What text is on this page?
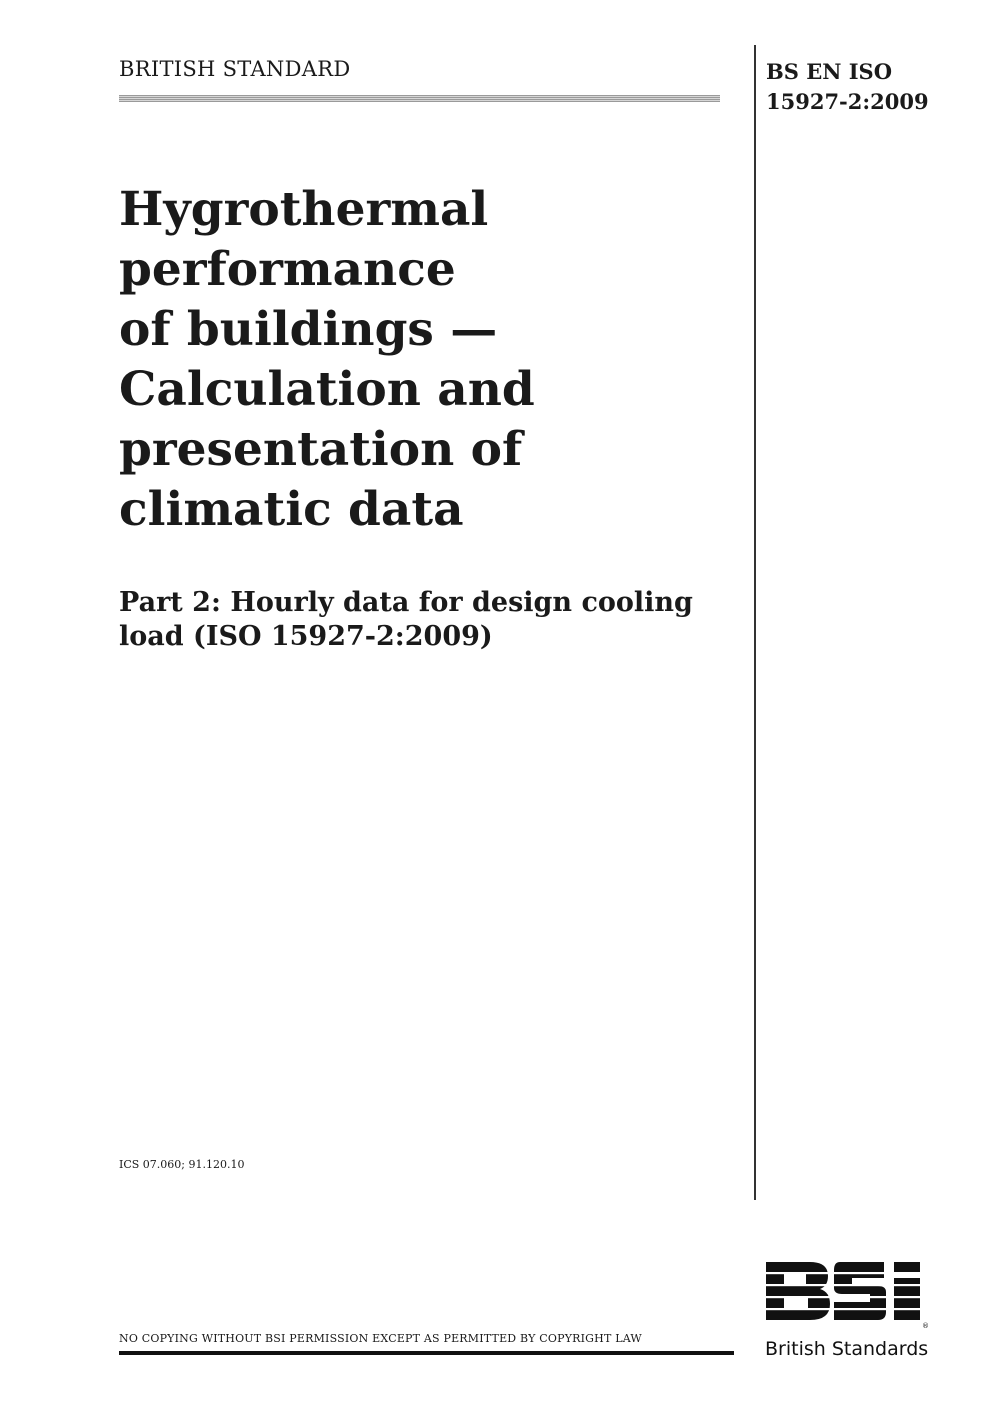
BRITISH STANDARD	BS EN ISO
15927-2:2009
Hygrothermal
performance
of buildings —
Calculation and
presentation of
climatic data
Part 2: Hourly data for design cooling
load (ISO 15927-2:2009)
ICS 07.060; 91.120.10
NO COPYING WITHOUT BSI PERMISSION EXCEPT AS PERMITTED BY COPYRIGHT LAW
®
British Standards
